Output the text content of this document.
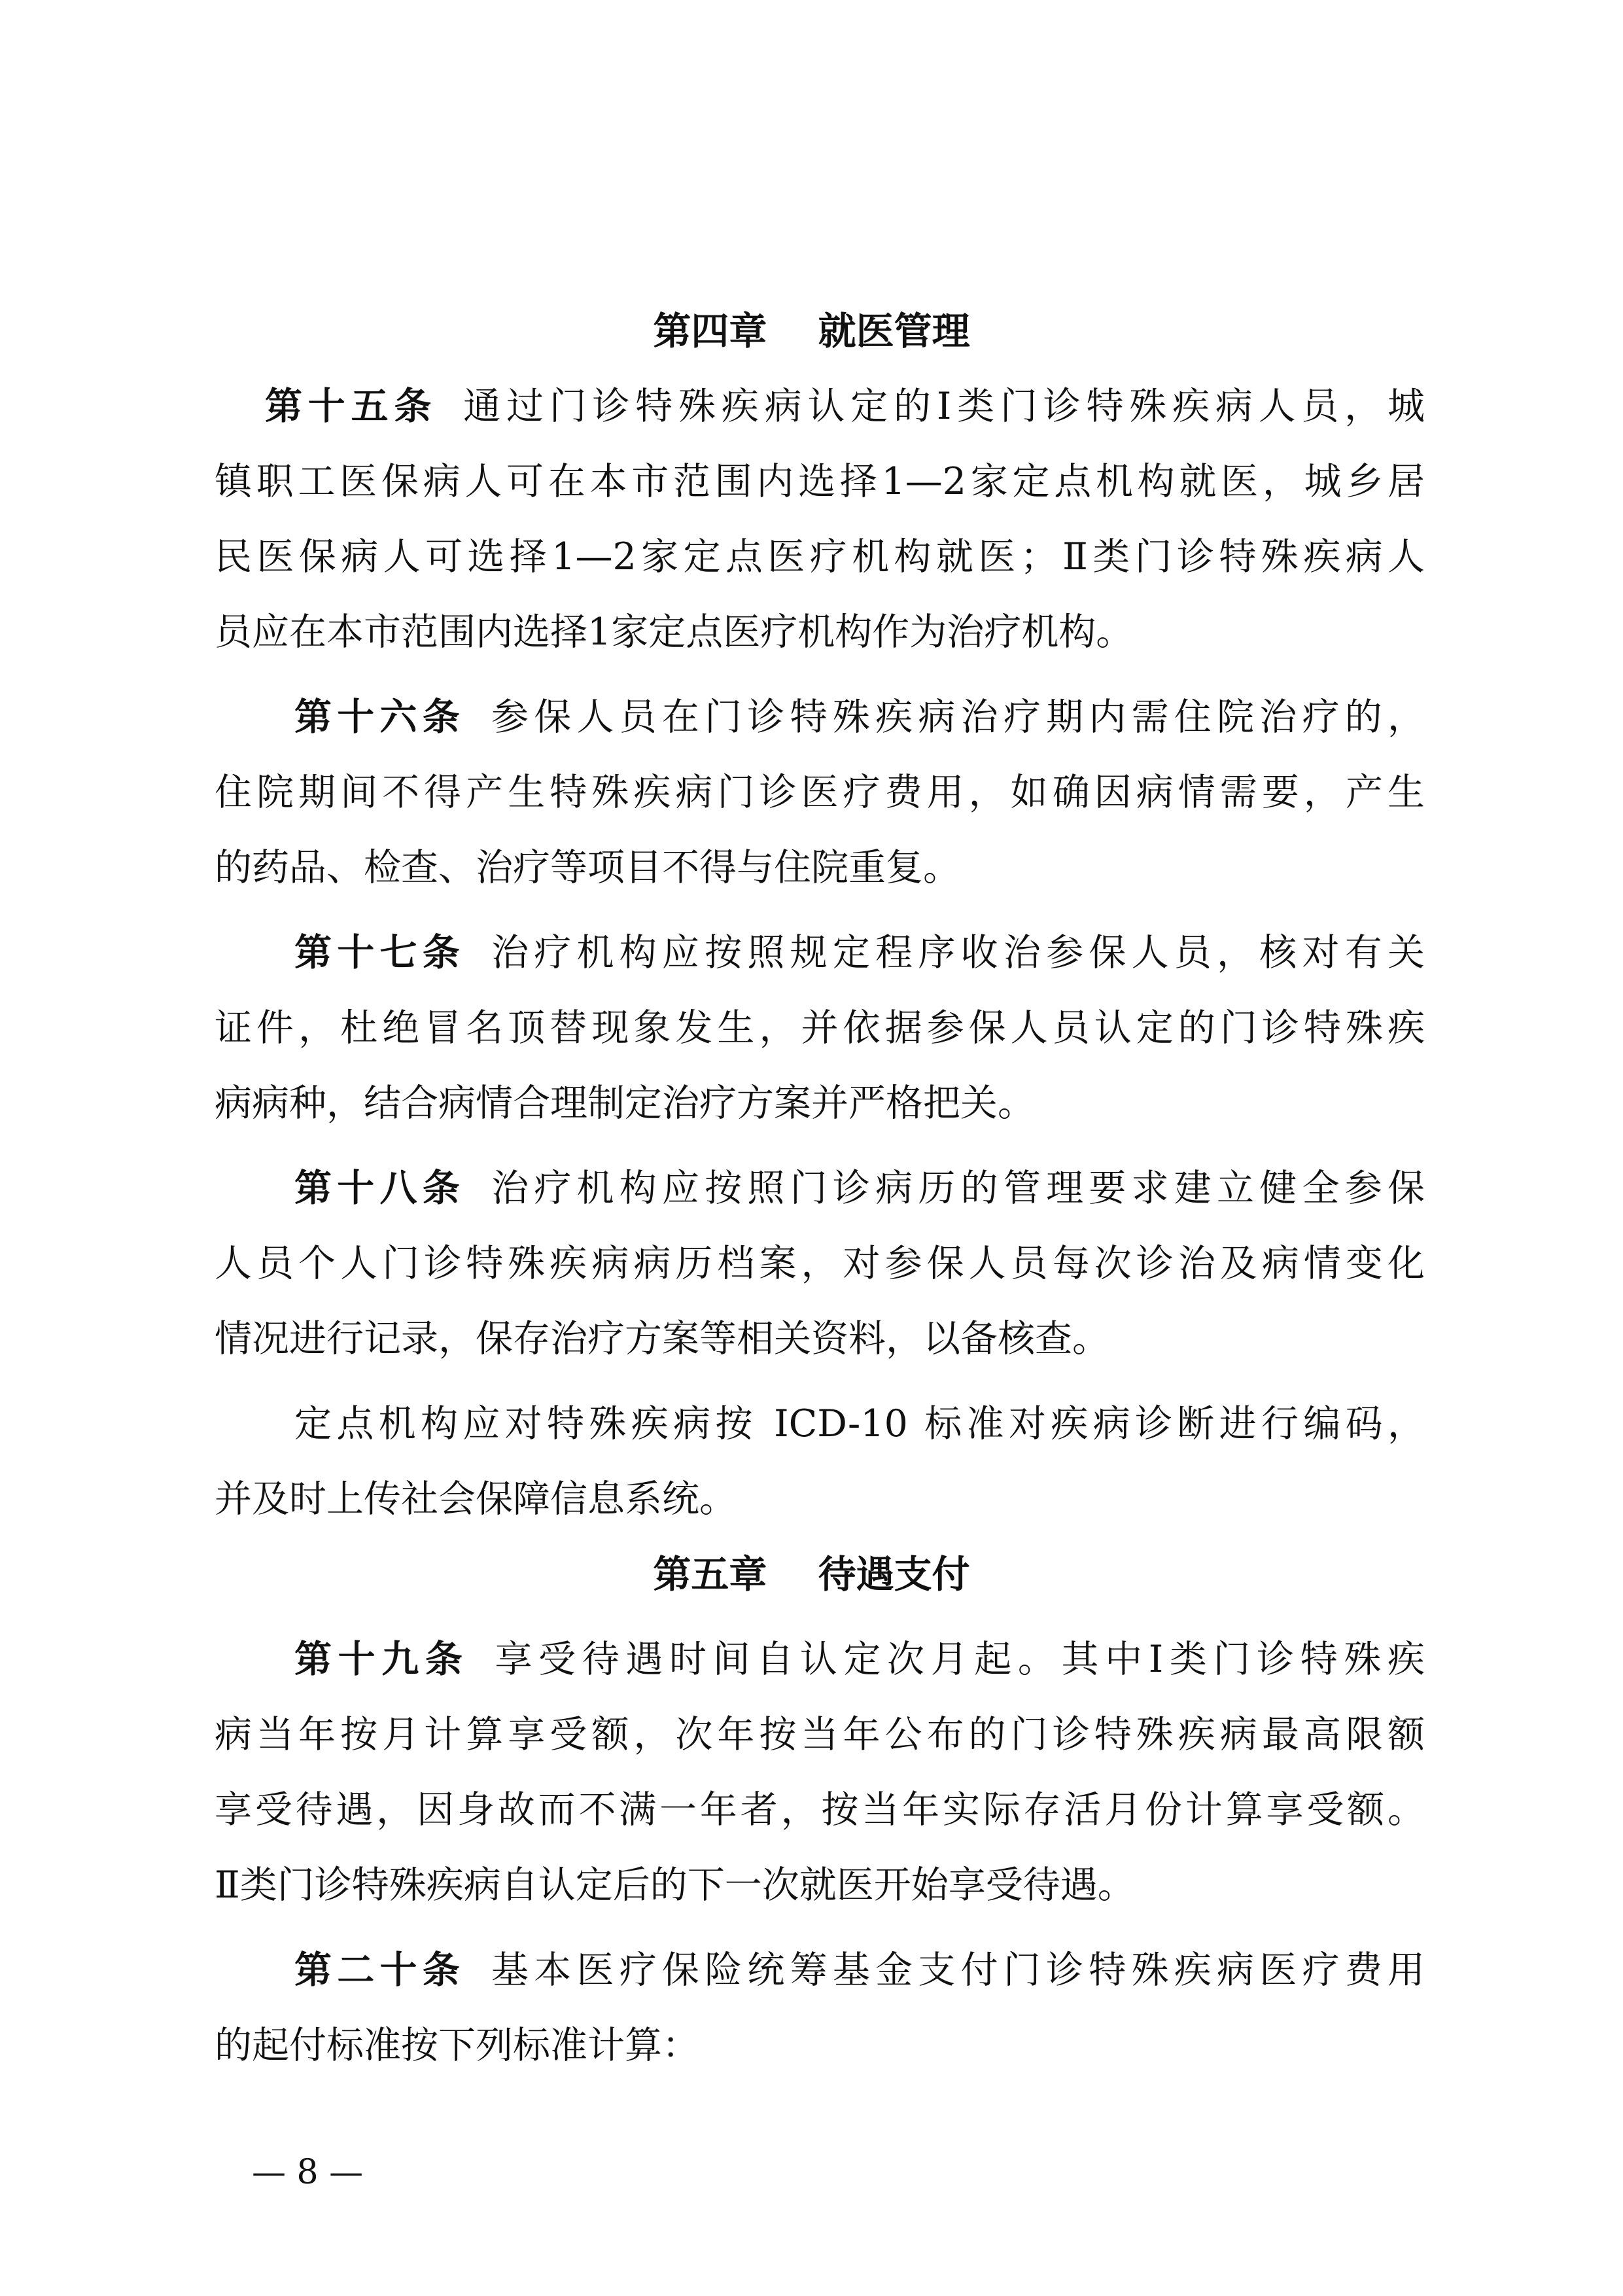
第四章　 就医管理
第十五条 通过门诊特殊疾病认定的Ⅰ类门诊特殊疾病人员，城
镇职工医保病人可在本市范围内选择1—2家定点机构就医，城乡居
民医保病人可选择1—2家定点医疗机构就医；Ⅱ类门诊特殊疾病人
员应在本市范围内选择1家定点医疗机构作为治疗机构。
第十六条 参保人员在门诊特殊疾病治疗期内需住院治疗的，
住院期间不得产生特殊疾病门诊医疗费用，如确因病情需要，产生
的药品、检查、治疗等项目不得与住院重复。
第十七条 治疗机构应按照规定程序收治参保人员，核对有关
证件，杜绝冒名顶替现象发生，并依据参保人员认定的门诊特殊疾
病病种，结合病情合理制定治疗方案并严格把关。
第十八条 治疗机构应按照门诊病历的管理要求建立健全参保
人员个人门诊特殊疾病病历档案，对参保人员每次诊治及病情变化
情况进行记录，保存治疗方案等相关资料，以备核查。
定点机构应对特殊疾病按 ICD-10 标准对疾病诊断进行编码，
并及时上传社会保障信息系统。
第五章　 待遇支付
第十九条 享受待遇时间自认定次月起。其中Ⅰ类门诊特殊疾
病当年按月计算享受额，次年按当年公布的门诊特殊疾病最高限额
享受待遇，因身故而不满一年者，按当年实际存活月份计算享受额。
Ⅱ类门诊特殊疾病自认定后的下一次就医开始享受待遇。
第二十条 基本医疗保险统筹基金支付门诊特殊疾病医疗费用
的起付标准按下列标准计算：
— 8 —
